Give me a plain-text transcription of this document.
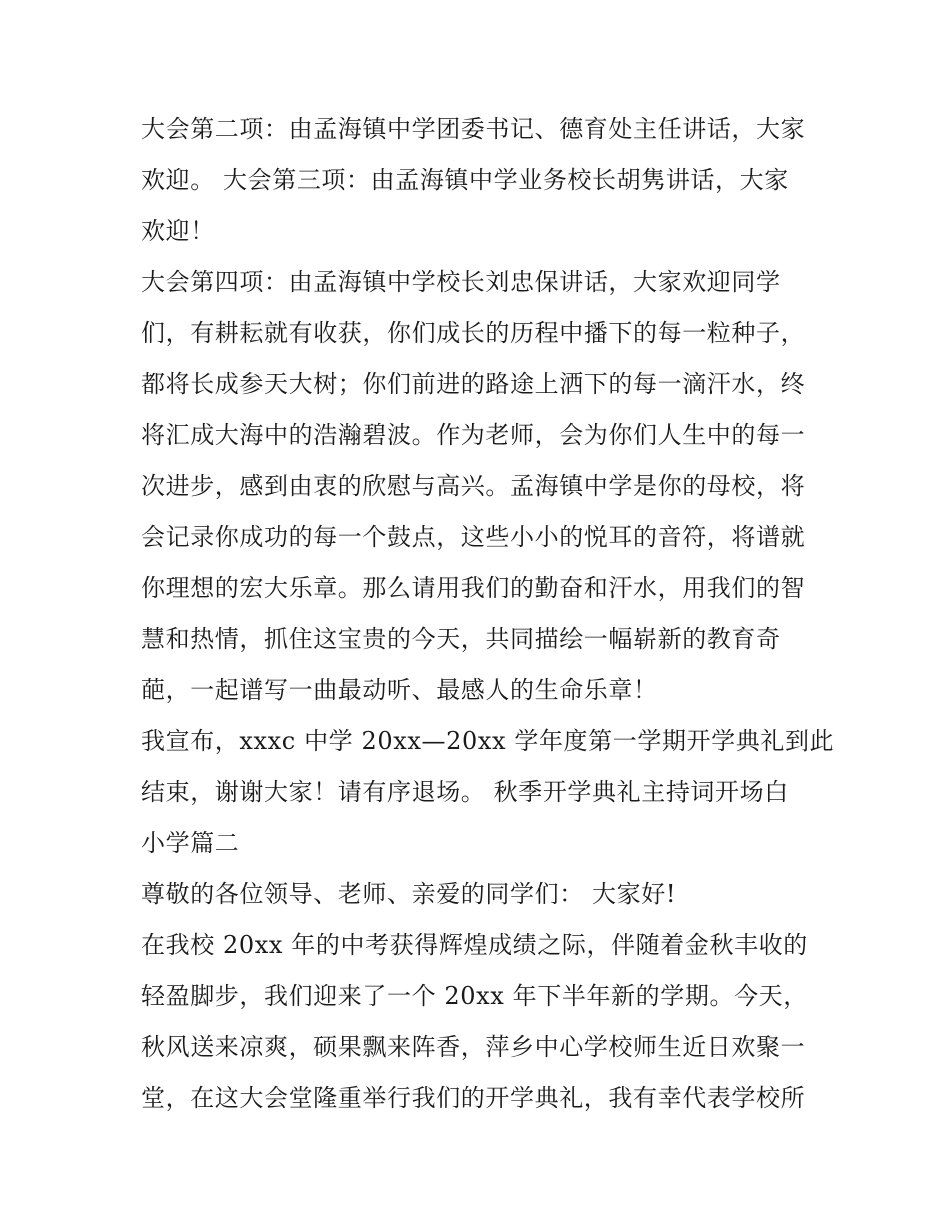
大会第二项：由孟海镇中学团委书记、德育处主任讲话，大家
欢迎。 大会第三项：由孟海镇中学业务校长胡隽讲话，大家
欢迎！
大会第四项：由孟海镇中学校长刘忠保讲话，大家欢迎同学
们，有耕耘就有收获，你们成长的历程中播下的每一粒种子，
都将长成参天大树；你们前进的路途上洒下的每一滴汗水，终
将汇成大海中的浩瀚碧波。作为老师，会为你们人生中的每一
次进步，感到由衷的欣慰与高兴。孟海镇中学是你的母校，将
会记录你成功的每一个鼓点，这些小小的悦耳的音符，将谱就
你理想的宏大乐章。那么请用我们的勤奋和汗水，用我们的智
慧和热情，抓住这宝贵的今天，共同描绘一幅崭新的教育奇
葩，一起谱写一曲最动听、最感人的生命乐章！
我宣布，xxxc 中学 20xx—20xx 学年度第一学期开学典礼到此
结束，谢谢大家！请有序退场。 秋季开学典礼主持词开场白
小学篇二
尊敬的各位领导、老师、亲爱的同学们： 大家好!
在我校 20xx 年的中考获得辉煌成绩之际，伴随着金秋丰收的
轻盈脚步，我们迎来了一个 20xx 年下半年新的学期。今天，
秋风送来凉爽，硕果飘来阵香，萍乡中心学校师生近日欢聚一
堂，在这大会堂隆重举行我们的开学典礼，我有幸代表学校所
